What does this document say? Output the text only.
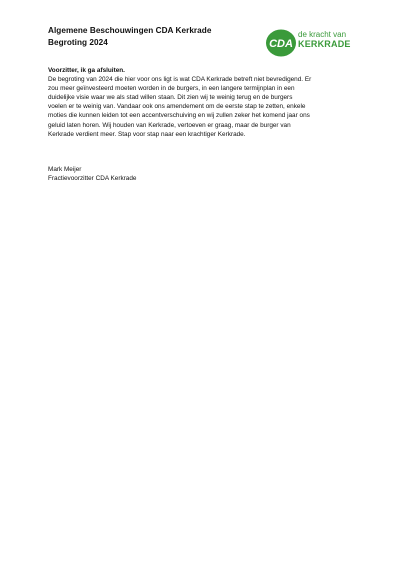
Algemene Beschouwingen CDA Kerkrade
Begroting 2024	CDA
de kracht van
KERKRADE
Voorzitter, ik ga afsluiten.
De begroting van 2024 die hier voor ons ligt is wat CDA Kerkrade betreft niet bevredigend. Er
zou meer geïnvesteerd moeten worden in de burgers, in een langere termijnplan in een
duidelijke visie waar we als stad willen staan. Dit zien wij te weinig terug en de burgers
voelen er te weinig van. Vandaar ook ons amendement om de eerste stap te zetten, enkele
moties die kunnen leiden tot een accentverschuiving en wij zullen zeker het komend jaar ons
geluid laten horen. Wij houden van Kerkrade, vertoeven er graag, maar de burger van
Kerkrade verdient meer. Stap voor stap naar een krachtiger Kerkrade.
Mark Meijer
Fractievoorzitter CDA Kerkrade
